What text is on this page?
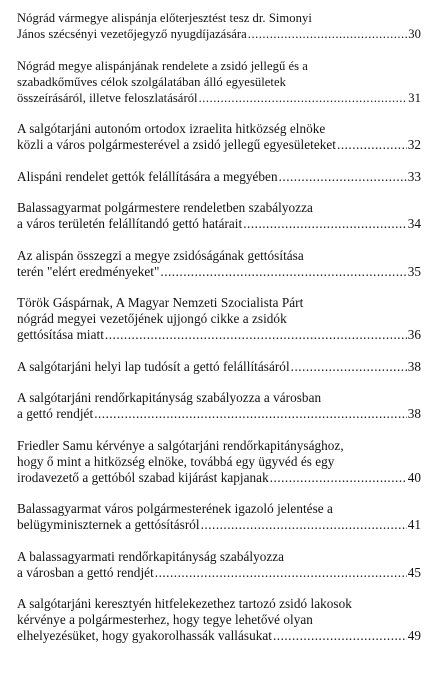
Nógrád vármegye alispánja előterjesztést tesz dr. Simonyi
János szécsényi vezetőjegyző nyugdíjazására .....	30
Nógrád megye alispánjának rendelete a zsidó jellegű és a
szabadkőműves célok szolgálatában álló egyesületek
összeírásáról, illetve feloszlatásáról .....	31
A salgótarjáni autonóm ortodox izraelita hitközség elnöke
közli a város polgármesterével a zsidó jellegű egyesületeket .....	32
Alispáni rendelet gettók felállítására a megyében .....	33
Balassagyarmat polgármestere rendeletben szabályozza
a város területén felállítandó gettó határait .....	34
Az alispán összegzi a megye zsidóságának gettósítása
terén "elért eredményeket" .....	35
Török Gáspárnak, A Magyar Nemzeti Szocialista Párt
nógrád megyei vezetőjének ujjongó cikke a zsidók
gettósítása miatt .....	36
A salgótarjáni helyi lap tudósít a gettó felállításáról .....	38
A salgótarjáni rendőrkapitányság szabályozza a városban
a gettó rendjét .....	38
Friedler Samu kérvénye a salgótarjáni rendőrkapitánysághoz,
hogy ő mint a hitközség elnöke, továbbá egy ügyvéd és egy
irodavezető a gettóból szabad kijárást kapjanak .....	40
Balassagyarmat város polgármesterének igazoló jelentése a
belügyminiszternek a gettósításról .....	41
A balassagyarmati rendőrkapitányság szabályozza
a városban a gettó rendjét .....	45
A salgótarjáni keresztyén hitfelekezethez tartozó zsidó lakosok
kérvénye a polgármesterhez, hogy tegye lehetővé olyan
elhelyezésüket, hogy gyakorolhassák vallásukat .....	49
